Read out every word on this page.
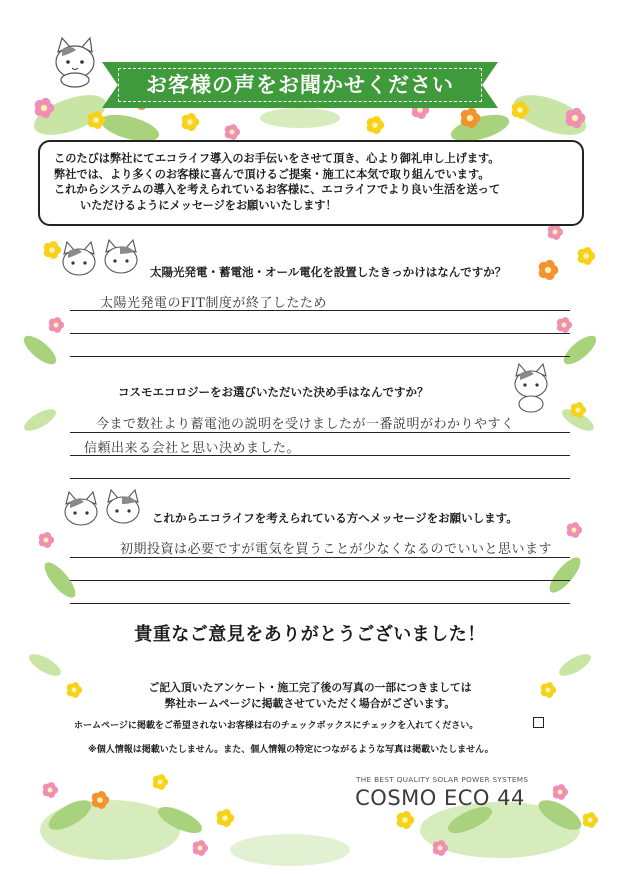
お客様の声をお聞かせください

このたびは弊社にてエコライフ導入のお手伝いをさせて頂き、心より御礼申し上げます。

弊社では、より多くのお客様に喜んで頂けるご提案・施工に本気で取り組んでいます。

これからシステムの導入を考えられているお客様に、エコライフでより良い生活を送って

いただけるようにメッセージをお願いいたします！

太陽光発電・蓄電池・オール電化を設置したきっかけはなんですか？
太陽光発電のFIT制度が終了したため
コスモエコロジーをお選びいただいた決め手はなんですか？
今まで数社より蓄電池の説明を受けましたが一番説明がわかりやすく
信頼出来る会社と思い決めました。
これからエコライフを考えられている方へメッセージをお願いします。
初期投資は必要ですが電気を買うことが少なくなるのでいいと思います
貴重なご意見をありがとうございました！
ご記入頂いたアンケート・施工完了後の写真の一部につきましては
弊社ホームページに掲載させていただく場合がございます。
ホームページに掲載をご希望されないお客様は右のチェックボックスにチェックを入れてください。
※個人情報は掲載いたしません。また、個人情報の特定につながるような写真は掲載いたしません。
THE BEST QUALITY SOLAR POWER SYSTEMS
COSMO ECO 44
